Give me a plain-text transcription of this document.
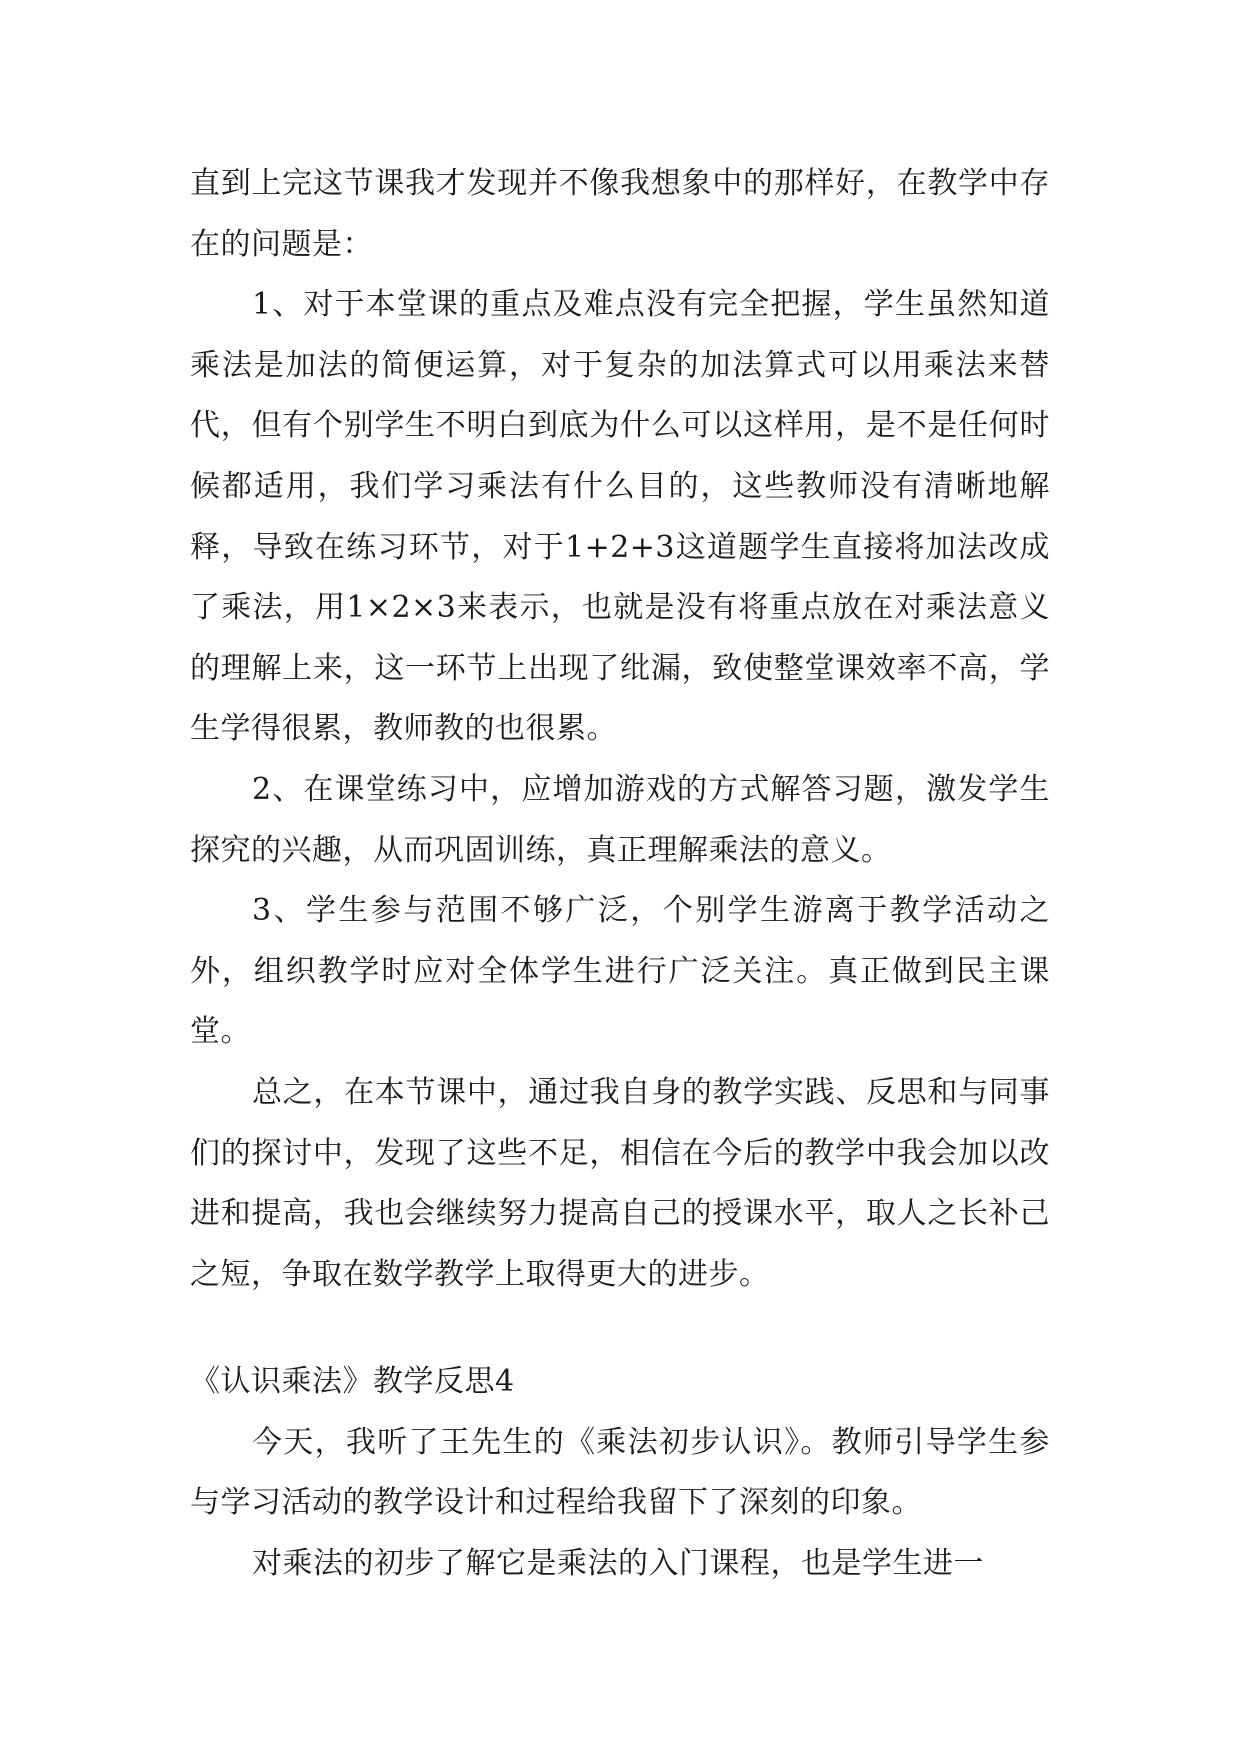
直到上完这节课我才发现并不像我想象中的那样好，在教学中存在的问题是：

1、对于本堂课的重点及难点没有完全把握，学生虽然知道乘法是加法的简便运算，对于复杂的加法算式可以用乘法来替代，但有个别学生不明白到底为什么可以这样用，是不是任何时候都适用，我们学习乘法有什么目的，这些教师没有清晰地解释，导致在练习环节，对于1+2+3这道题学生直接将加法改成了乘法，用1×2×3来表示，也就是没有将重点放在对乘法意义的理解上来，这一环节上出现了纰漏，致使整堂课效率不高，学生学得很累，教师教的也很累。

2、在课堂练习中，应增加游戏的方式解答习题，激发学生探究的兴趣，从而巩固训练，真正理解乘法的意义。

3、学生参与范围不够广泛，个别学生游离于教学活动之外，组织教学时应对全体学生进行广泛关注。真正做到民主课堂。

总之，在本节课中，通过我自身的教学实践、反思和与同事们的探讨中，发现了这些不足，相信在今后的教学中我会加以改进和提高，我也会继续努力提高自己的授课水平，取人之长补己之短，争取在数学教学上取得更大的进步。

《认识乘法》教学反思4

今天，我听了王先生的《乘法初步认识》。教师引导学生参与学习活动的教学设计和过程给我留下了深刻的印象。

对乘法的初步了解它是乘法的入门课程，也是学生进一
